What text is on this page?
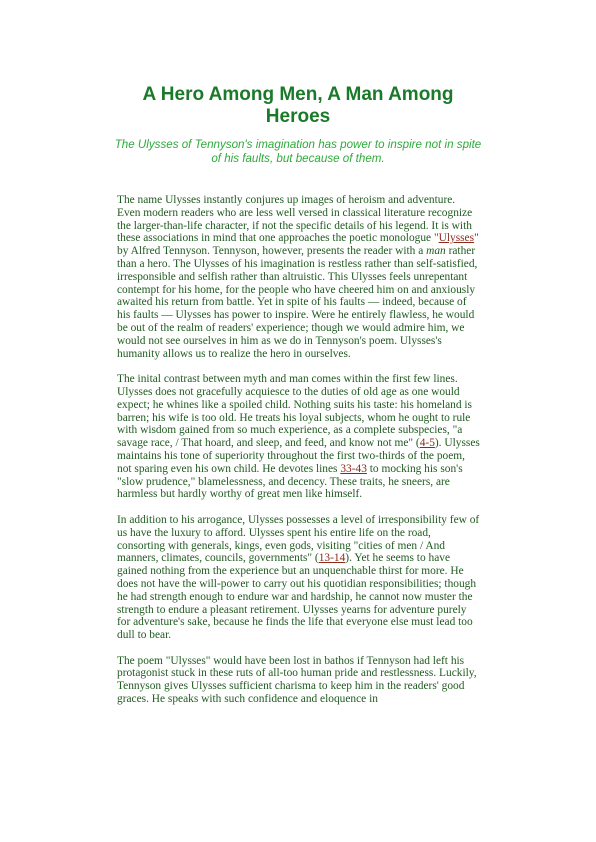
A Hero Among Men, A Man Among Heroes

The Ulysses of Tennyson's imagination has power to inspire not in spite of his faults, but because of them.

The name Ulysses instantly conjures up images of heroism and adventure. Even modern readers who are less well versed in classical literature recognize the larger-than-life character, if not the specific details of his legend. It is with these associations in mind that one approaches the poetic monologue "Ulysses" by Alfred Tennyson. Tennyson, however, presents the reader with a man rather than a hero. The Ulysses of his imagination is restless rather than self-satisfied, irresponsible and selfish rather than altruistic. This Ulysses feels unrepentant contempt for his home, for the people who have cheered him on and anxiously awaited his return from battle. Yet in spite of his faults — indeed, because of his faults — Ulysses has power to inspire. Were he entirely flawless, he would be out of the realm of readers' experience; though we would admire him, we would not see ourselves in him as we do in Tennyson's poem. Ulysses's humanity allows us to realize the hero in ourselves.

The inital contrast between myth and man comes within the first few lines. Ulysses does not gracefully acquiesce to the duties of old age as one would expect; he whines like a spoiled child. Nothing suits his taste: his homeland is barren; his wife is too old. He treats his loyal subjects, whom he ought to rule with wisdom gained from so much experience, as a complete subspecies, "a savage race, / That hoard, and sleep, and feed, and know not me" (4-5). Ulysses maintains his tone of superiority throughout the first two-thirds of the poem, not sparing even his own child. He devotes lines 33-43 to mocking his son's "slow prudence," blamelessness, and decency. These traits, he sneers, are harmless but hardly worthy of great men like himself.

In addition to his arrogance, Ulysses possesses a level of irresponsibility few of us have the luxury to afford. Ulysses spent his entire life on the road, consorting with generals, kings, even gods, visiting "cities of men / And manners, climates, councils, governments" (13-14). Yet he seems to have gained nothing from the experience but an unquenchable thirst for more. He does not have the will-power to carry out his quotidian responsibilities; though he had strength enough to endure war and hardship, he cannot now muster the strength to endure a pleasant retirement. Ulysses yearns for adventure purely for adventure's sake, because he finds the life that everyone else must lead too dull to bear.

The poem "Ulysses" would have been lost in bathos if Tennyson had left his protagonist stuck in these ruts of all-too human pride and restlessness. Luckily, Tennyson gives Ulysses sufficient charisma to keep him in the readers' good graces. He speaks with such confidence and eloquence in
